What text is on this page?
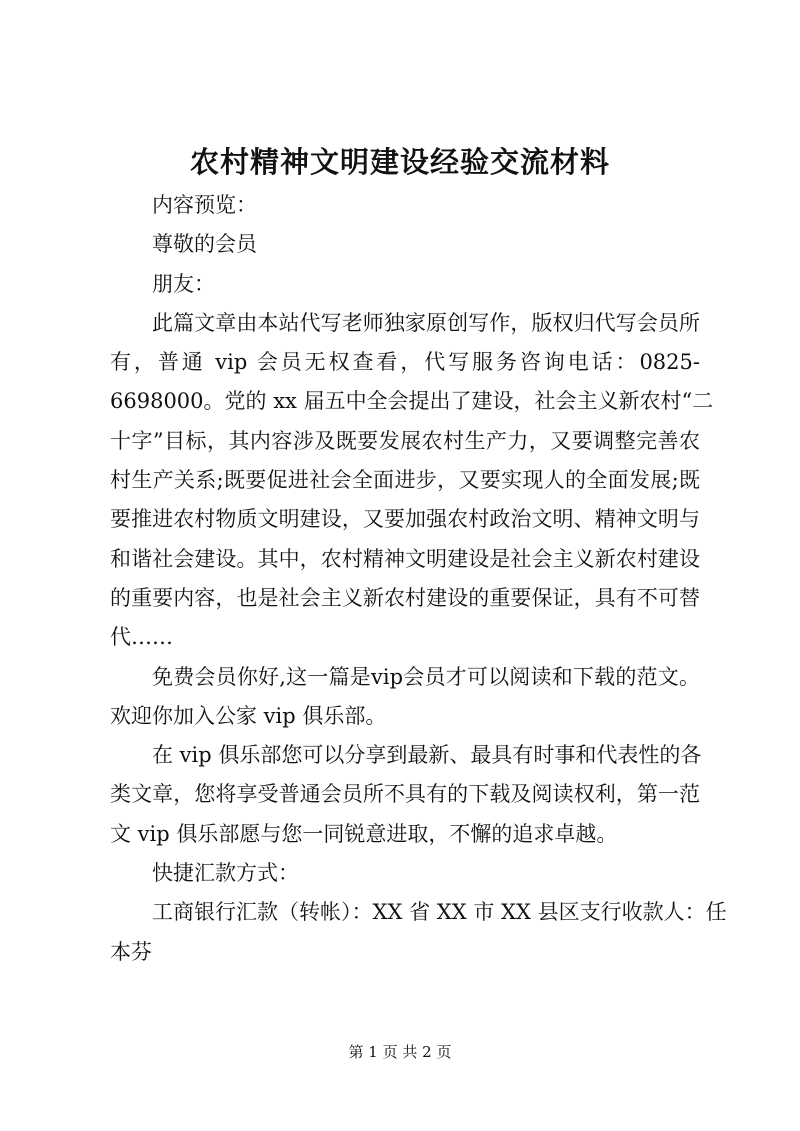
农村精神文明建设经验交流材料

内容预览：

尊敬的会员

朋友：

此篇文章由本站代写老师独家原创写作，版权归代写会员所
有，普通 vip 会员无权查看，代写服务咨询电话：0825-
6698000。党的 xx 届五中全会提出了建设，社会主义新农村“二
十字”目标，其内容涉及既要发展农村生产力，又要调整完善农
村生产关系;既要促进社会全面进步，又要实现人的全面发展;既
要推进农村物质文明建设，又要加强农村政治文明、精神文明与
和谐社会建设。其中，农村精神文明建设是社会主义新农村建设
的重要内容，也是社会主义新农村建设的重要保证，具有不可替
代……

免费会员你好,这一篇是vip会员才可以阅读和下载的范文。
欢迎你加入公家 vip 俱乐部。

在 vip 俱乐部您可以分享到最新、最具有时事和代表性的各
类文章，您将享受普通会员所不具有的下载及阅读权利，第一范
文 vip 俱乐部愿与您一同锐意进取，不懈的追求卓越。

快捷汇款方式：

工商银行汇款（转帐）：XX 省 XX 市 XX 县区支行收款人：任
本芬

第 1 页 共 2 页
